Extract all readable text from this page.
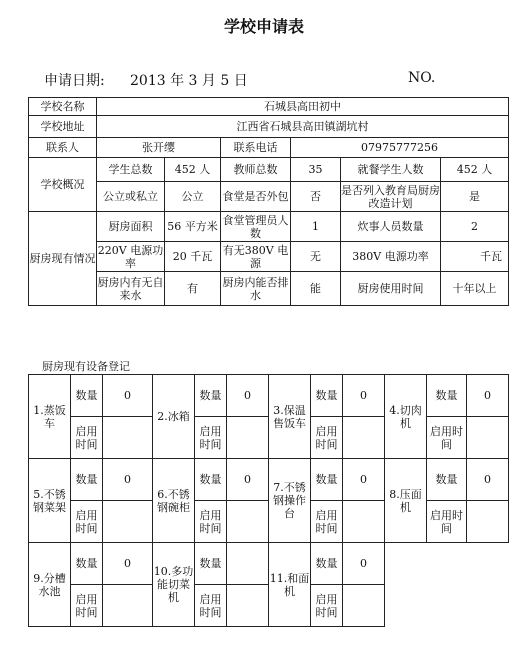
学校申请表
申请日期: 2013 年 3 月 5 日	NO.
学校名称	石城县高田初中					
学校地址	江西省石城县高田镇湖坑村					
联系人	张开缨		联系电话	07975777256		
学校概况	学生总数	452 人	教师总数	35	就餐学生人数	452 人
	公立或私立	公立	食堂是否外包	否	是否列入教育局厨房改造计划	是
厨房现有情况	厨房面积	56 平方米	食堂管理员人数	1	炊事人员数量	2
	220V 电源功率	20 千瓦	有无380V 电源	无	380V 电源功率	千瓦
	厨房内有无自来水	有	厨房内能否排水	能	厨房使用时间	十年以上
厨房现有设备登记
1.蒸饭车	数量	0	2.冰箱	数量	0	3.保温售饭车	数量	0	4.切肉机	数量	0
	启用时间			启用时间			启用时间			启用时间	
5.不锈钢菜架	数量	0	6.不锈钢碗柜	数量	0	7.不锈钢操作台	数量	0	8.压面机	数量	0
	启用时间			启用时间			启用时间			启用时间	
9.分槽水池	数量	0	10.多功能切菜机	数量		11.和面机	数量	0			
	启用时间			启用时间			启用时间				
